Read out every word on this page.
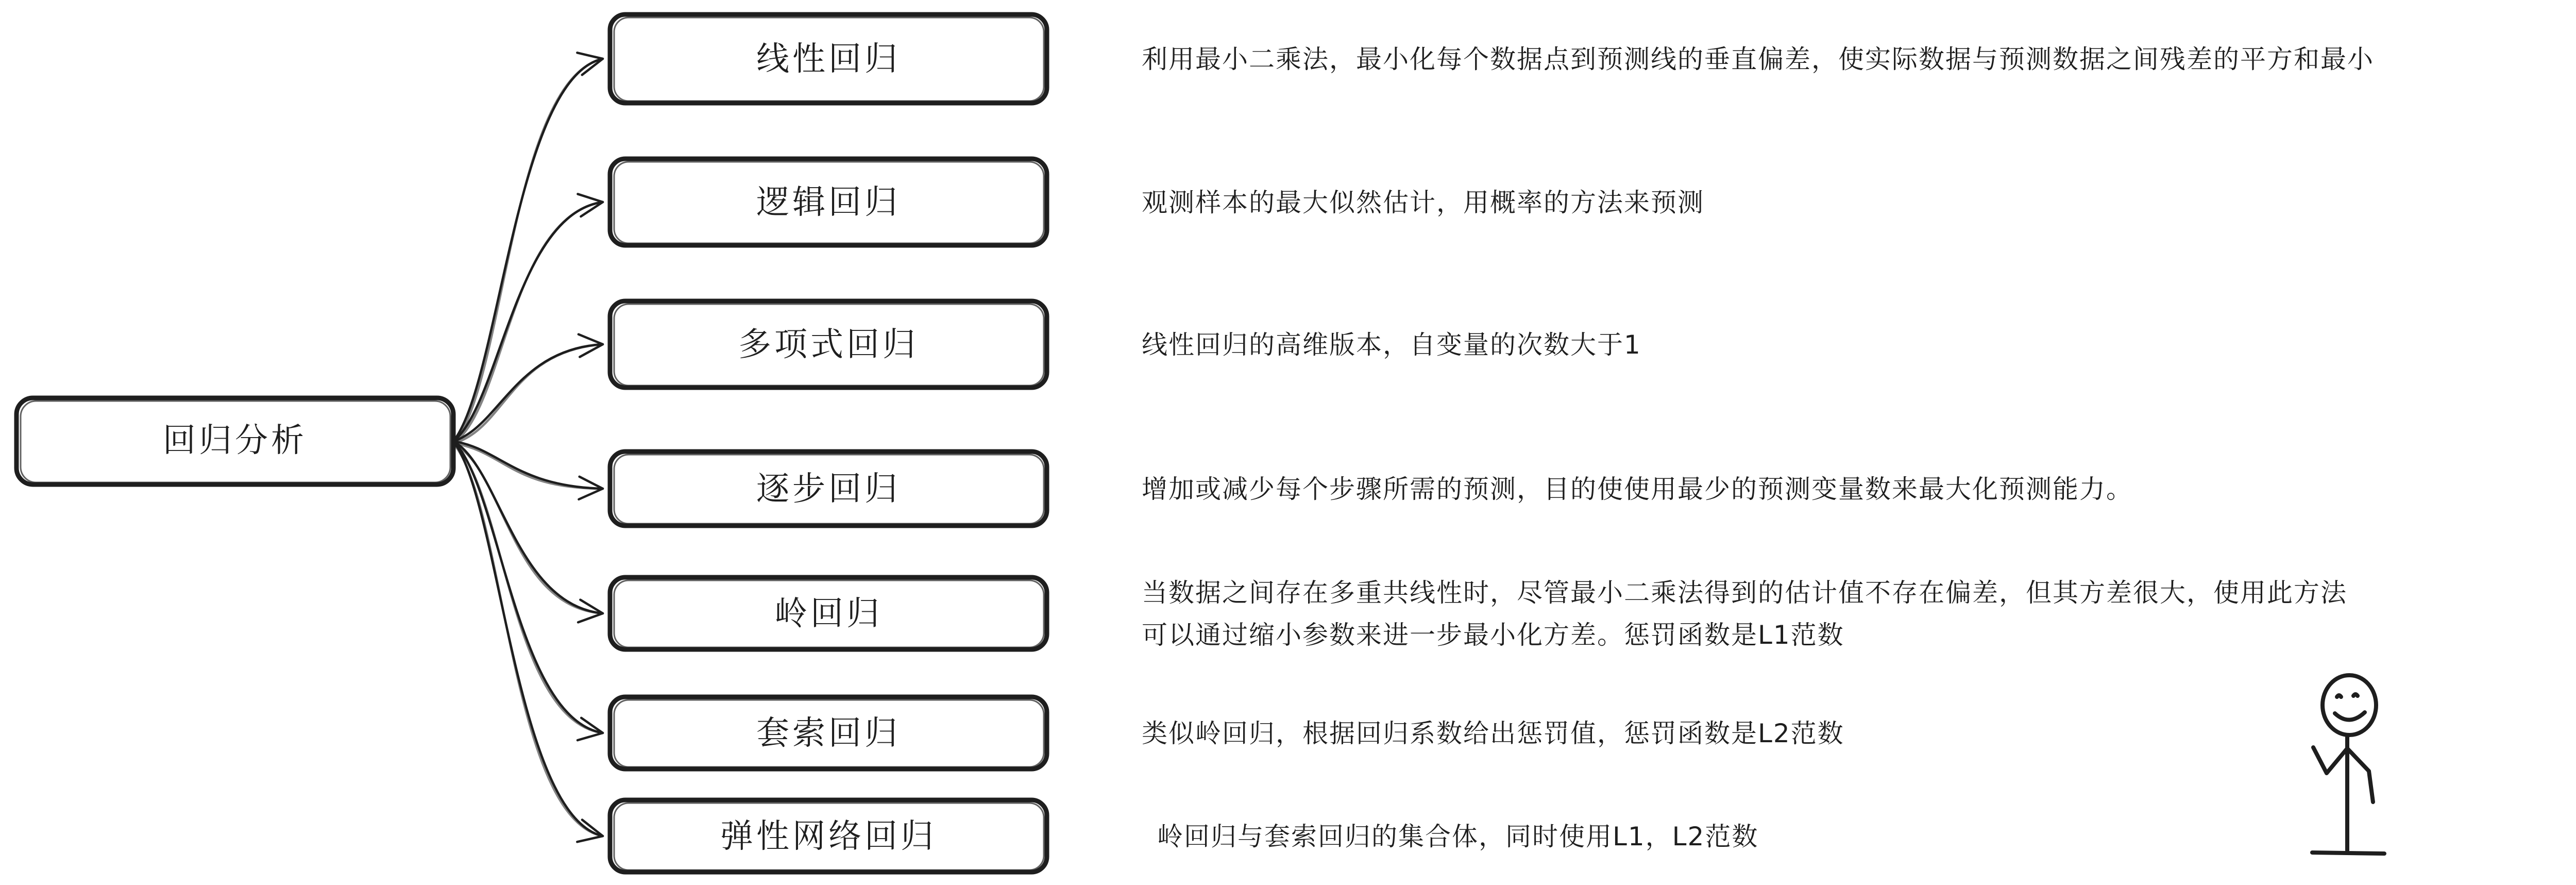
回归分析
线性回归	利用最小二乘法，最小化每个数据点到预测线的垂直偏差，使实际数据与预测数据之间残差的平方和最小
逻辑回归	观测样本的最大似然估计，用概率的方法来预测
多项式回归	线性回归的高维版本，自变量的次数大于1
逐步回归	增加或减少每个步骤所需的预测，目的使使用最少的预测变量数来最大化预测能力。
岭回归
当数据之间存在多重共线性时，尽管最小二乘法得到的估计值不存在偏差，但其方差很大，使用此方法
可以通过缩小参数来进一步最小化方差。惩罚函数是L1范数
套索回归	类似岭回归，根据回归系数给出惩罚值，惩罚函数是L2范数
弹性网络回归	岭回归与套索回归的集合体，同时使用L1，L2范数
